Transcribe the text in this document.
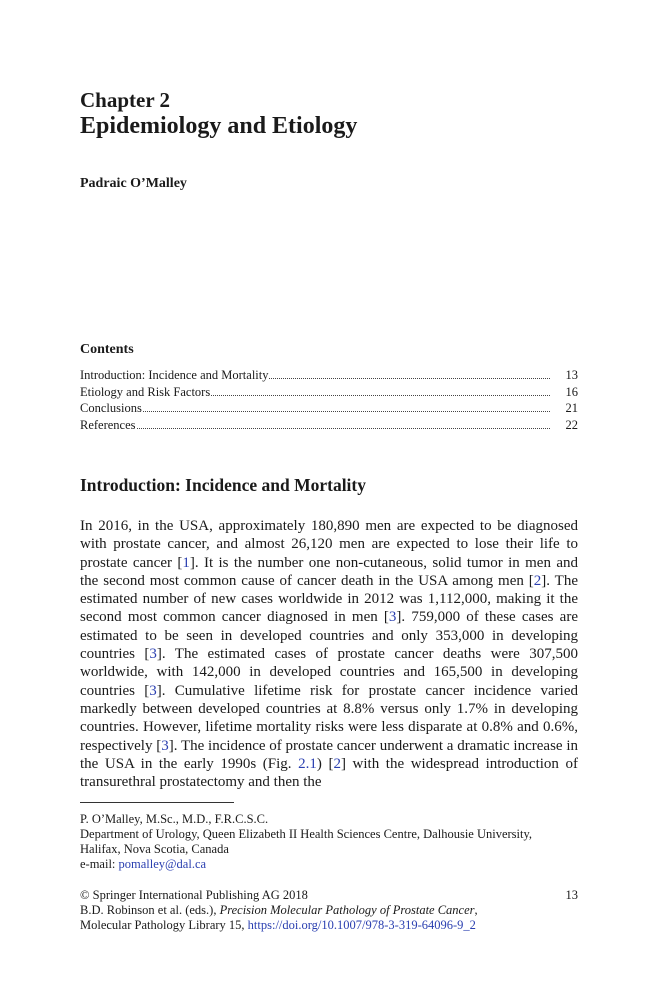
Chapter 2
Epidemiology and Etiology
Padraic O’Malley
Contents
Introduction: Incidence and Mortality	13
Etiology and Risk Factors	16
Conclusions	21
References	22
Introduction: Incidence and Mortality
In 2016, in the USA, approximately 180,890 men are expected to be diagnosed with prostate cancer, and almost 26,120 men are expected to lose their life to prostate cancer [1]. It is the number one non-cutaneous, solid tumor in men and the second most common cause of cancer death in the USA among men [2]. The estimated number of new cases worldwide in 2012 was 1,112,000, making it the second most common cancer diagnosed in men [3]. 759,000 of these cases are estimated to be seen in developed countries and only 353,000 in developing countries [3]. The estimated cases of prostate cancer deaths were 307,500 worldwide, with 142,000 in developed countries and 165,500 in developing countries [3]. Cumulative lifetime risk for prostate cancer incidence varied markedly between developed countries at 8.8% versus only 1.7% in developing countries. However, lifetime mortality risks were less disparate at 0.8% and 0.6%, respectively [3]. The incidence of prostate cancer underwent a dramatic increase in the USA in the early 1990s (Fig. 2.1) [2] with the widespread introduction of transurethral prostatectomy and then the
P. O’Malley, M.Sc., M.D., F.R.C.S.C.
Department of Urology, Queen Elizabeth II Health Sciences Centre, Dalhousie University,
Halifax, Nova Scotia, Canada
e-mail: pomalley@dal.ca
© Springer International Publishing AG 2018	13
B.D. Robinson et al. (eds.), Precision Molecular Pathology of Prostate Cancer,
Molecular Pathology Library 15, https://doi.org/10.1007/978-3-319-64096-9_2
